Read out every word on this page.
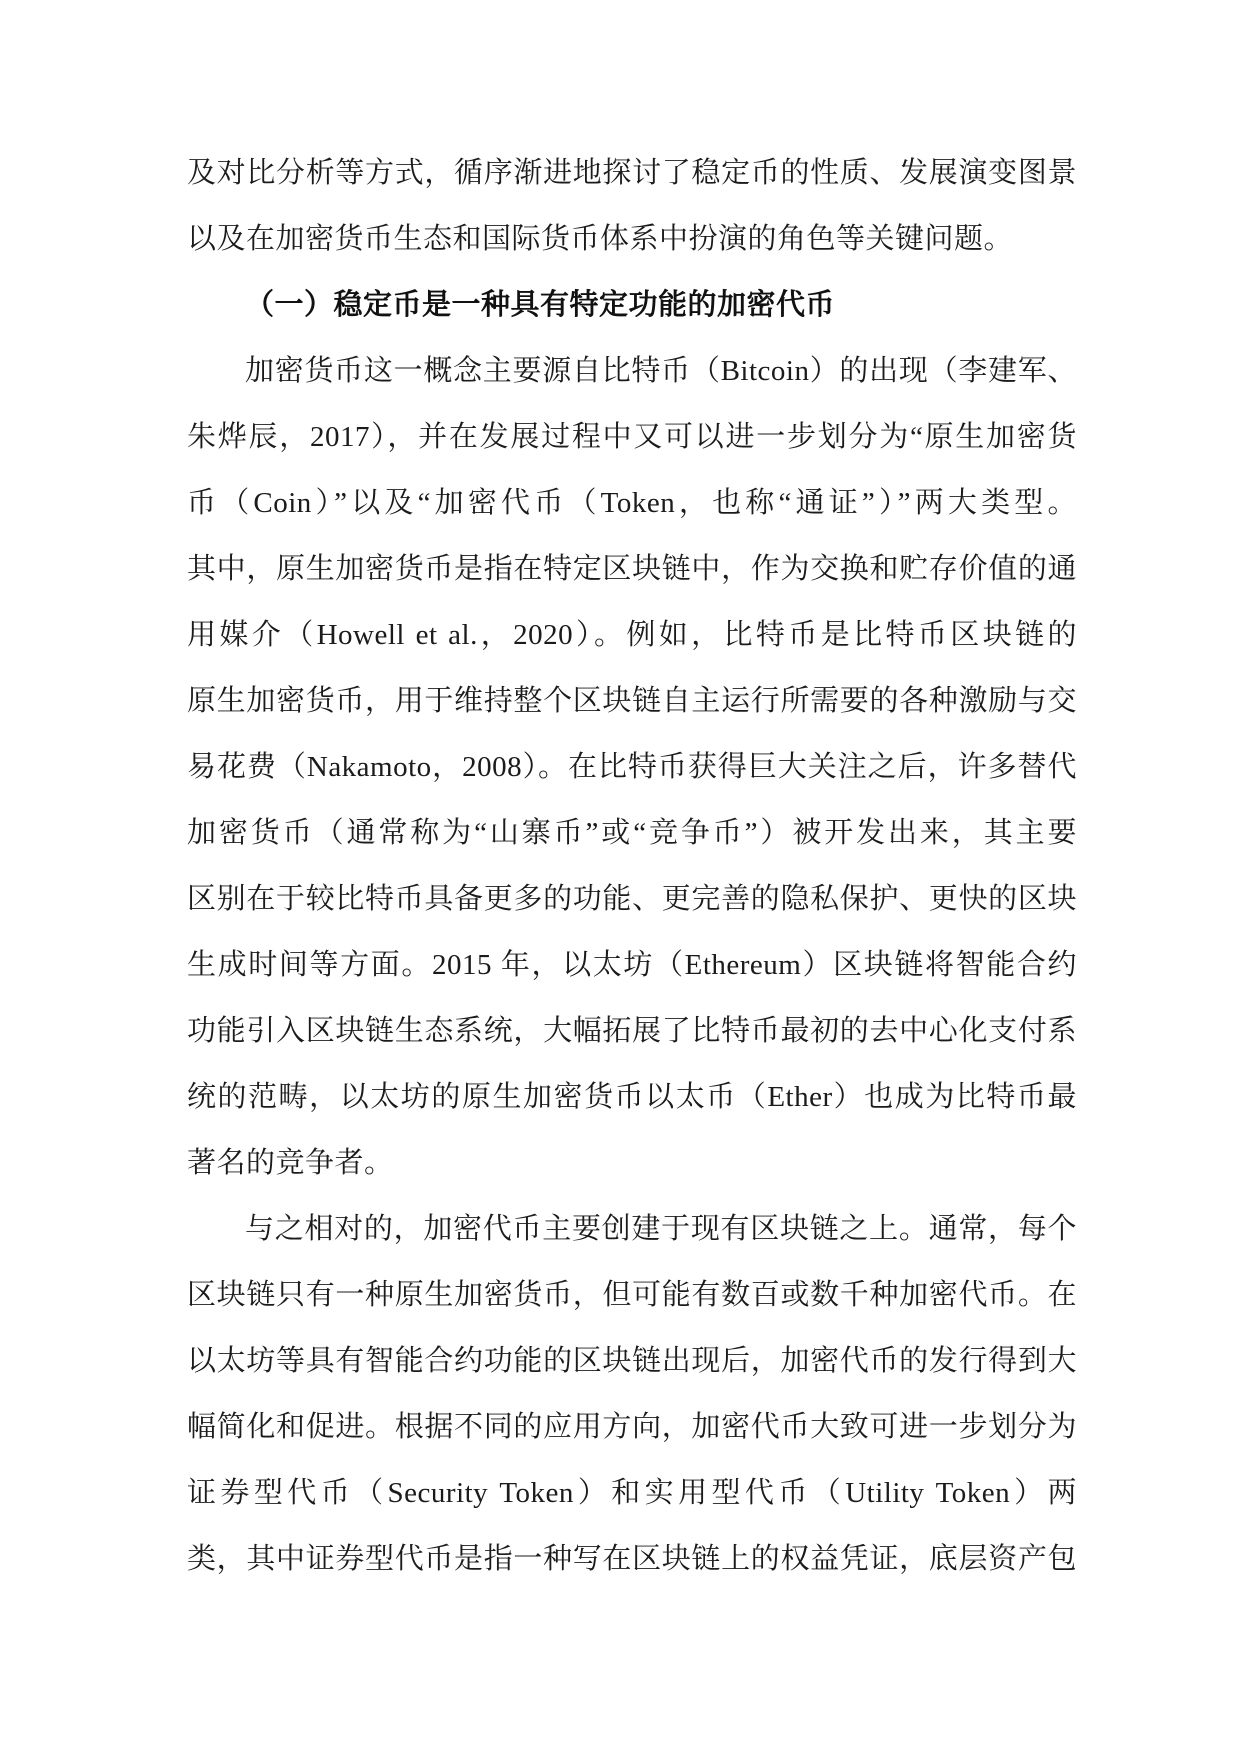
及对比分析等方式，循序渐进地探讨了稳定币的性质、发展演变图景
以及在加密货币生态和国际货币体系中扮演的角色等关键问题。
（一）稳定币是一种具有特定功能的加密代币
加密货币这一概念主要源自比特币（Bitcoin）的出现（李建军、
朱烨辰，2017），并在发展过程中又可以进一步划分为“原生加密货
币（Coin）”以及“加密代币（Token，也称“通证”）”两大类型。
其中，原生加密货币是指在特定区块链中，作为交换和贮存价值的通
用媒介（Howell et al.，2020）。例如，比特币是比特币区块链的
原生加密货币，用于维持整个区块链自主运行所需要的各种激励与交
易花费（Nakamoto，2008）。在比特币获得巨大关注之后，许多替代
加密货币（通常称为“山寨币”或“竞争币”）被开发出来，其主要
区别在于较比特币具备更多的功能、更完善的隐私保护、更快的区块
生成时间等方面。2015 年，以太坊（Ethereum）区块链将智能合约
功能引入区块链生态系统，大幅拓展了比特币最初的去中心化支付系
统的范畴，以太坊的原生加密货币以太币（Ether）也成为比特币最
著名的竞争者。
与之相对的，加密代币主要创建于现有区块链之上。通常，每个
区块链只有一种原生加密货币，但可能有数百或数千种加密代币。在
以太坊等具有智能合约功能的区块链出现后，加密代币的发行得到大
幅简化和促进。根据不同的应用方向，加密代币大致可进一步划分为
证券型代币（Security Token）和实用型代币（Utility Token）两
类，其中证券型代币是指一种写在区块链上的权益凭证，底层资产包
